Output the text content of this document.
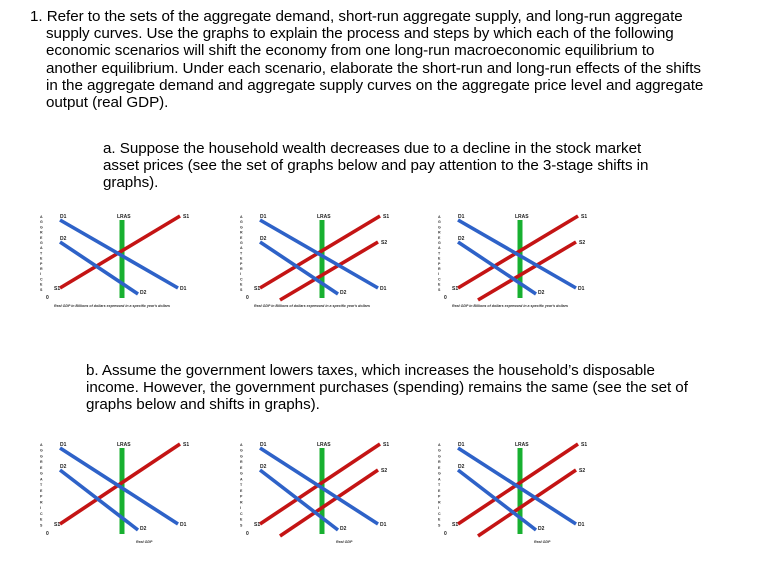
1. Refer to the sets of the aggregate demand, short-run aggregate supply, and long-run aggregate
supply curves. Use the graphs to explain the process and steps by which each of the following
economic scenarios will shift the economy from one long-run macroeconomic equilibrium to
another equilibrium. Under each scenario, elaborate the short-run and long-run effects of the shifts
in the aggregate demand and aggregate supply curves on the aggregate price level and aggregate
output (real GDP).

a. Suppose the household wealth decreases due to a decline in the stock market
asset prices (see the set of graphs below and pay attention to the 3-stage shifts in
graphs).

b. Assume the government lowers taxes, which increases the household’s disposable
income. However, the government purchases (spending) remains the same (see the set of
graphs below and shifts in graphs).

A
G
G
R
E
G
A
T
E
P
R
I
C
E
S
0
LRAS	S1
S1
D1
D1
D2
D2
Real GDP in Billions of dollars expressed in a specific year's dollars
A
G
G
R
E
G
A
T
E
P
R
I
C
E
S
0
LRAS	S1
S1
S2
D1
D1
D2
D2
Real GDP in Billions of dollars expressed in a specific year's dollars
A
G
G
R
E
G
A
T
E
P
R
I
C
E
S
0
LRAS	S1
S1
S2
D1
D1
D2
D2
Real GDP in Billions of dollars expressed in a specific year's dollars
A
G
G
R
E
G
A
T
E
P
R
I
C
E
S
0
LRAS	S1
S1
D1
D1
D2
D2
Real GDP
A
G
G
R
E
G
A
T
E
P
R
I
C
E
S
0
LRAS	S1
S1
S2
D1
D1
D2
D2
Real GDP
A
G
G
R
E
G
A
T
E
P
R
I
C
E
S
0
LRAS	S1
S1
S2
D1
D1
D2
D2
Real GDP
